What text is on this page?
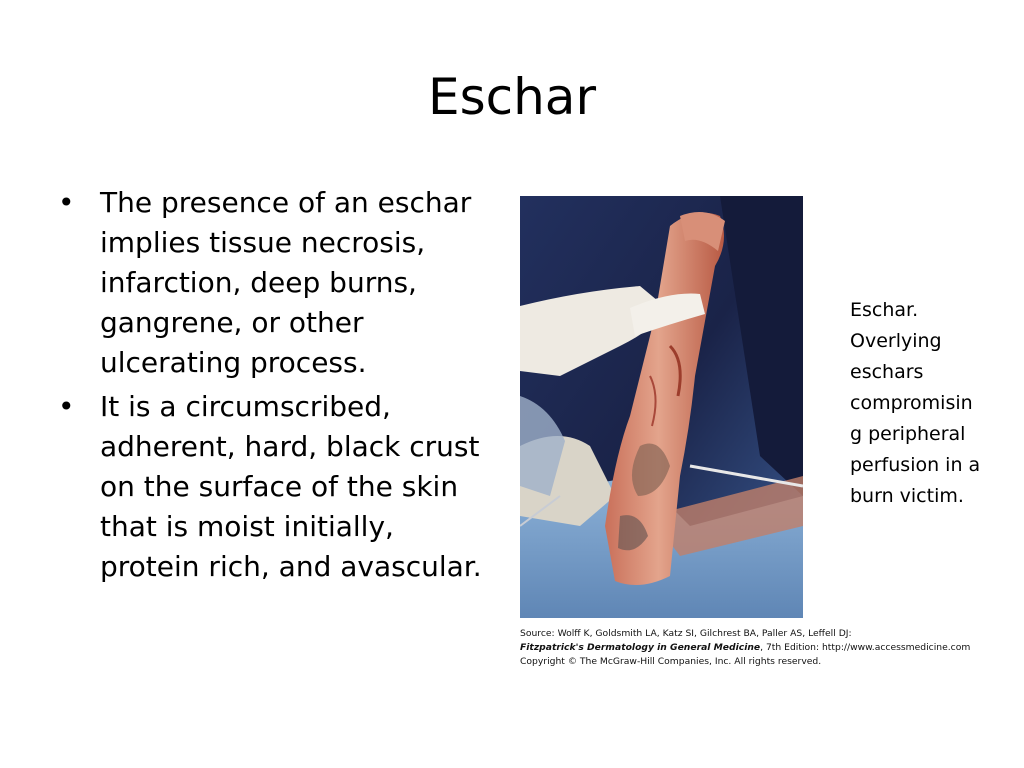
Eschar
• The presence of an eschar implies tissue necrosis, infarction, deep burns, gangrene, or other ulcerating process.
• It is a circumscribed, adherent, hard, black crust on the surface of the skin that is moist initially, protein rich, and avascular.
Source: Wolff K, Goldsmith LA, Katz SI, Gilchrest BA, Paller AS, Leffell DJ:
Fitzpatrick's Dermatology in General Medicine, 7th Edition: http://www.accessmedicine.com
Copyright © The McGraw-Hill Companies, Inc. All rights reserved.
Eschar.
Overlying
eschars
compromisin
g peripheral
perfusion in a
burn victim.
